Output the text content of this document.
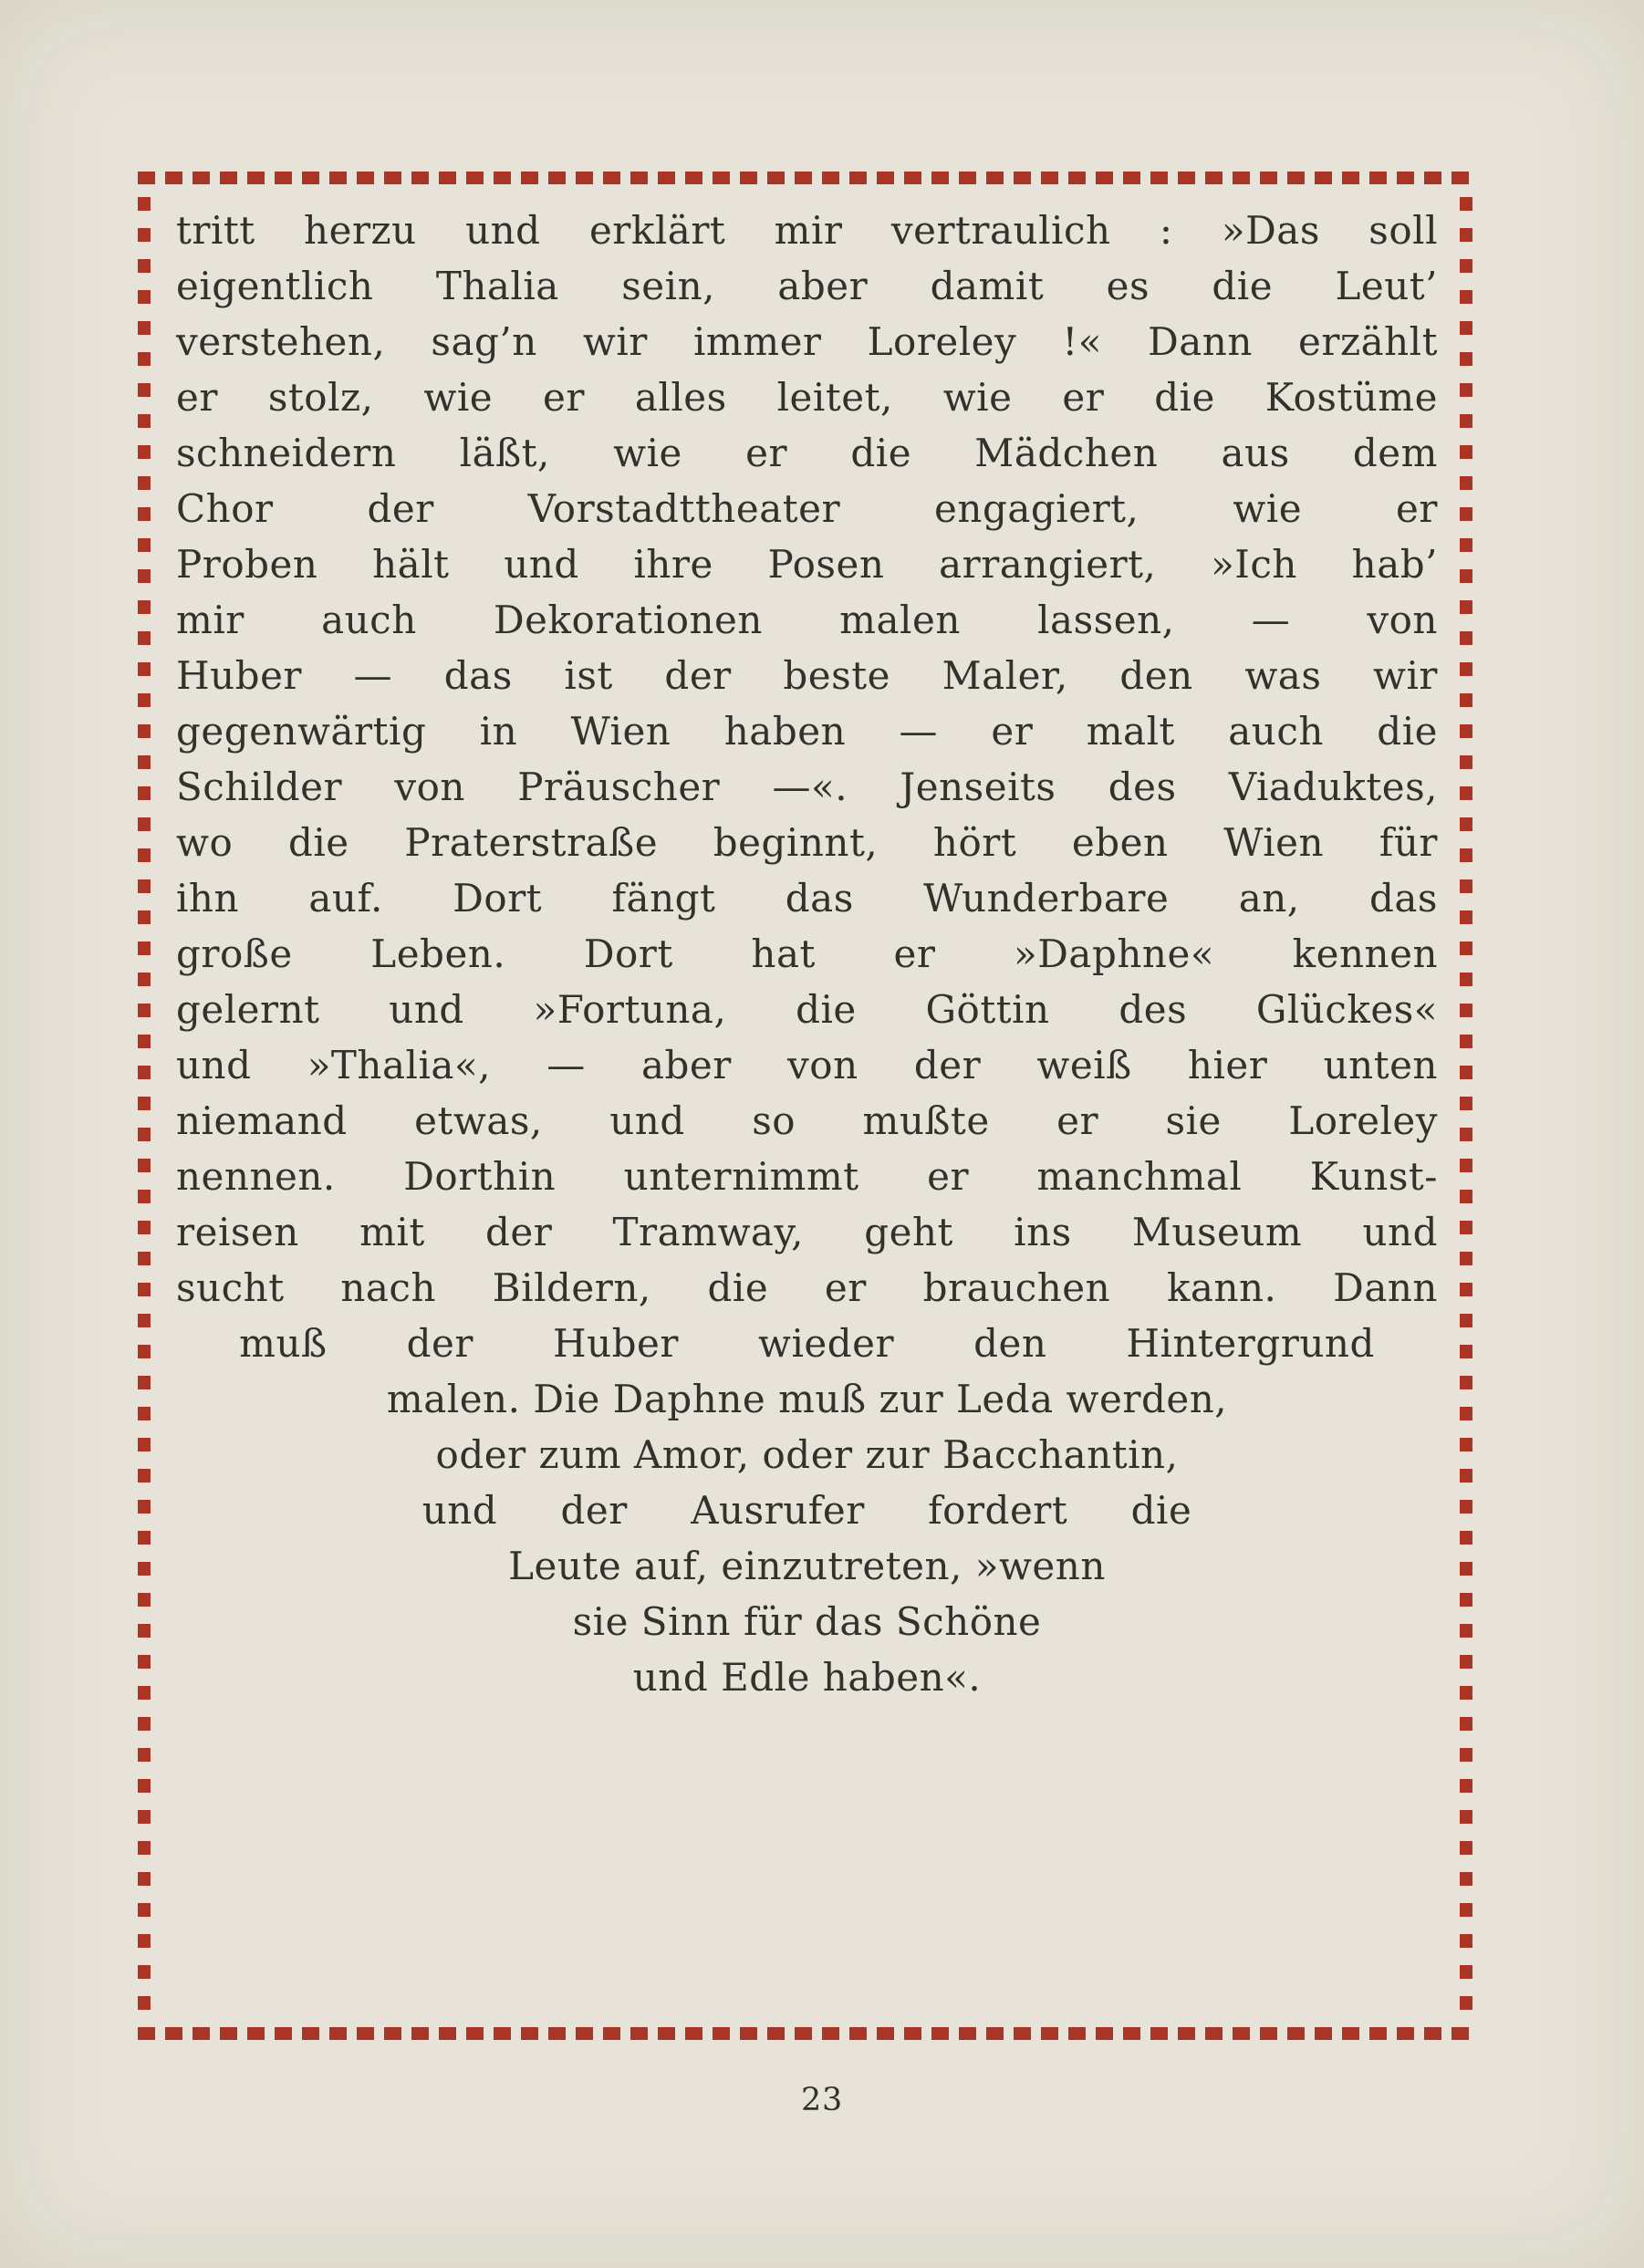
tritt herzu und erklärt mir vertraulich : »Das soll
eigentlich Thalia sein, aber damit es die Leut’
verstehen, sag’n wir immer Loreley !« Dann erzählt
er stolz, wie er alles leitet, wie er die Kostüme
schneidern läßt, wie er die Mädchen aus dem
Chor der Vorstadttheater engagiert, wie er
Proben hält und ihre Posen arrangiert, »Ich hab’
mir auch Dekorationen malen lassen, — von
Huber — das ist der beste Maler, den was wir
gegenwärtig in Wien haben — er malt auch die
Schilder von Präuscher —«. Jenseits des Viaduktes,
wo die Praterstraße beginnt, hört eben Wien für
ihn auf. Dort fängt das Wunderbare an, das
große Leben. Dort hat er »Daphne« kennen
gelernt und »Fortuna, die Göttin des Glückes«
und »Thalia«, — aber von der weiß hier unten
niemand etwas, und so mußte er sie Loreley
nennen. Dorthin unternimmt er manchmal Kunst-
reisen mit der Tramway, geht ins Museum und
sucht nach Bildern, die er brauchen kann. Dann
muß der Huber wieder den Hintergrund
malen. Die Daphne muß zur Leda werden,
oder zum Amor, oder zur Bacchantin,
und der Ausrufer fordert die
Leute auf, einzutreten, »wenn
sie Sinn für das Schöne
und Edle haben«.
23
